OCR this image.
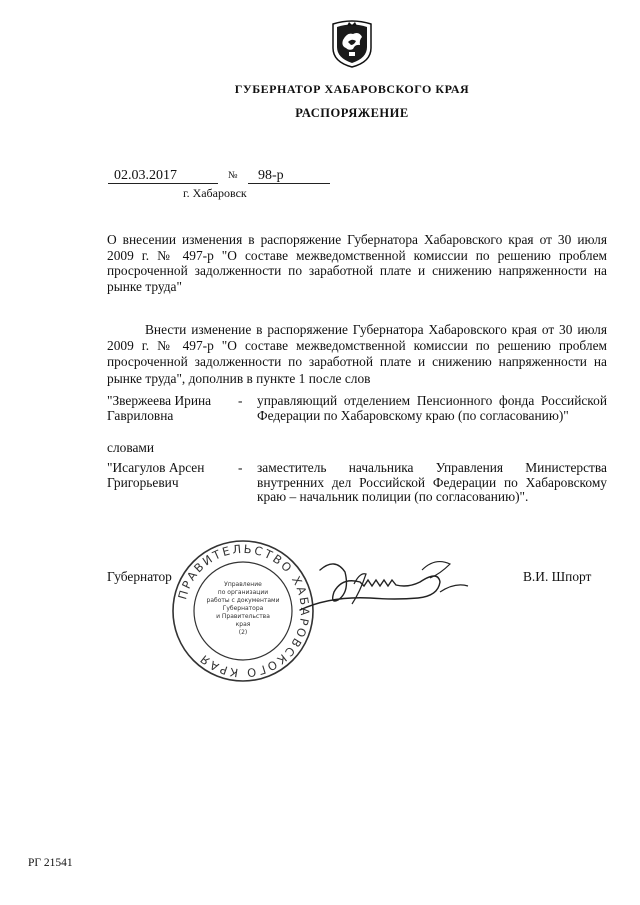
ГУБЕРНАТОР ХАБАРОВСКОГО КРАЯ
РАСПОРЯЖЕНИЕ
02.03.2017	№ 98-р
г. Хабаровск
О внесении изменения в распоряжение Губернатора Хабаровского края от 30 июля 2009 г. № 497-р "О составе межведомственной комиссии по решению проблем просроченной задолженности по заработной плате и снижению напряженности на рынке труда"
Внести изменение в распоряжение Губернатора Хабаровского края от 30 июля 2009 г. № 497-р "О составе межведомственной комиссии по решению проблем просроченной задолженности по заработной плате и снижению напряженности на рынке труда", дополнив в пункте 1 после слов
"Звержеева Ирина Гавриловна
- управляющий отделением Пенсионного фонда Российской Федерации по Хабаровскому краю (по согласованию)"
словами
"Исагулов Арсен Григорьевич
- заместитель начальника Управления Министерства внутренних дел Российской Федерации по Хабаровскому краю – начальник полиции (по согласованию)".
Губернатор	В.И. Шпорт
ПРАВИТЕЛЬСТВО ХАБАРОВСКОГО КРАЯ
Управление
по организации
работы с документами
Губернатора
и Правительства
края
(2)
РГ 21541
